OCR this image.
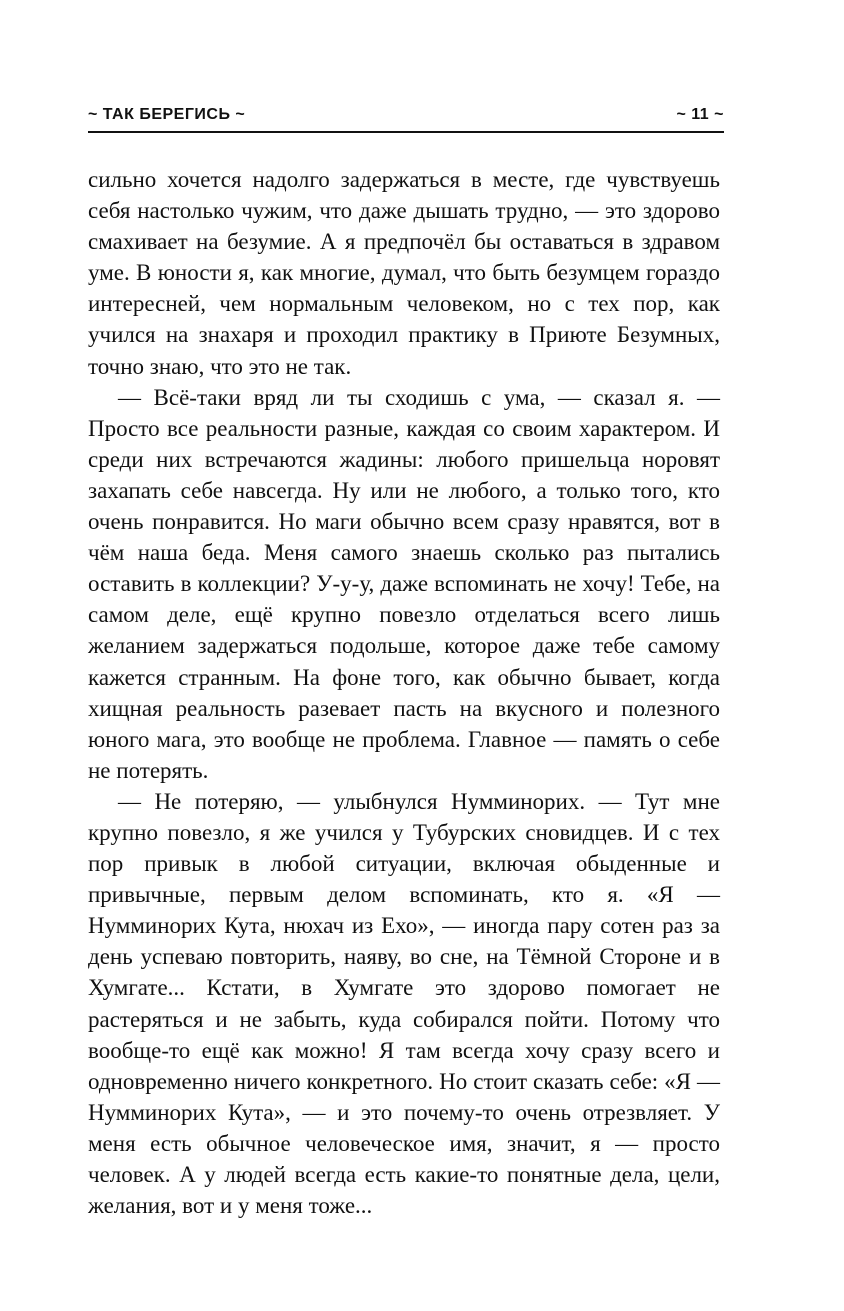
~ ТАК БЕРЕГИСЬ ~	~ 11 ~

сильно хочется надолго задержаться в месте, где чувствуешь себя настолько чужим, что даже дышать трудно, — это здорово смахивает на безумие. А я предпочёл бы оставаться в здравом уме. В юности я, как многие, думал, что быть безумцем гораздо интересней, чем нормальным человеком, но с тех пор, как учился на знахаря и проходил практику в Приюте Безумных, точно знаю, что это не так.

— Всё-таки вряд ли ты сходишь с ума, — сказал я. — Просто все реальности разные, каждая со своим характером. И среди них встречаются жадины: любого пришельца норовят захапать себе навсегда. Ну или не любого, а только того, кто очень понравится. Но маги обычно всем сразу нравятся, вот в чём наша беда. Меня самого знаешь сколько раз пытались оставить в коллекции? У-у-у, даже вспоминать не хочу! Тебе, на самом деле, ещё крупно повезло отделаться всего лишь желанием задержаться подольше, которое даже тебе самому кажется странным. На фоне того, как обычно бывает, когда хищная реальность разевает пасть на вкусного и полезного юного мага, это вообще не проблема. Главное — память о себе не потерять.

— Не потеряю, — улыбнулся Нумминорих. — Тут мне крупно повезло, я же учился у Тубурских сновидцев. И с тех пор привык в любой ситуации, включая обыденные и привычные, первым делом вспоминать, кто я. «Я — Нумминорих Кута, нюхач из Ехо», — иногда пару сотен раз за день успеваю повторить, наяву, во сне, на Тёмной Стороне и в Хумгате... Кстати, в Хумгате это здорово помогает не растеряться и не забыть, куда собирался пойти. Потому что вообще-то ещё как можно! Я там всегда хочу сразу всего и одновременно ничего конкретного. Но стоит сказать себе: «Я — Нумминорих Кута», — и это почему-то очень отрезвляет. У меня есть обычное человеческое имя, значит, я — просто человек. А у людей всегда есть какие-то понятные дела, цели, желания, вот и у меня тоже...
